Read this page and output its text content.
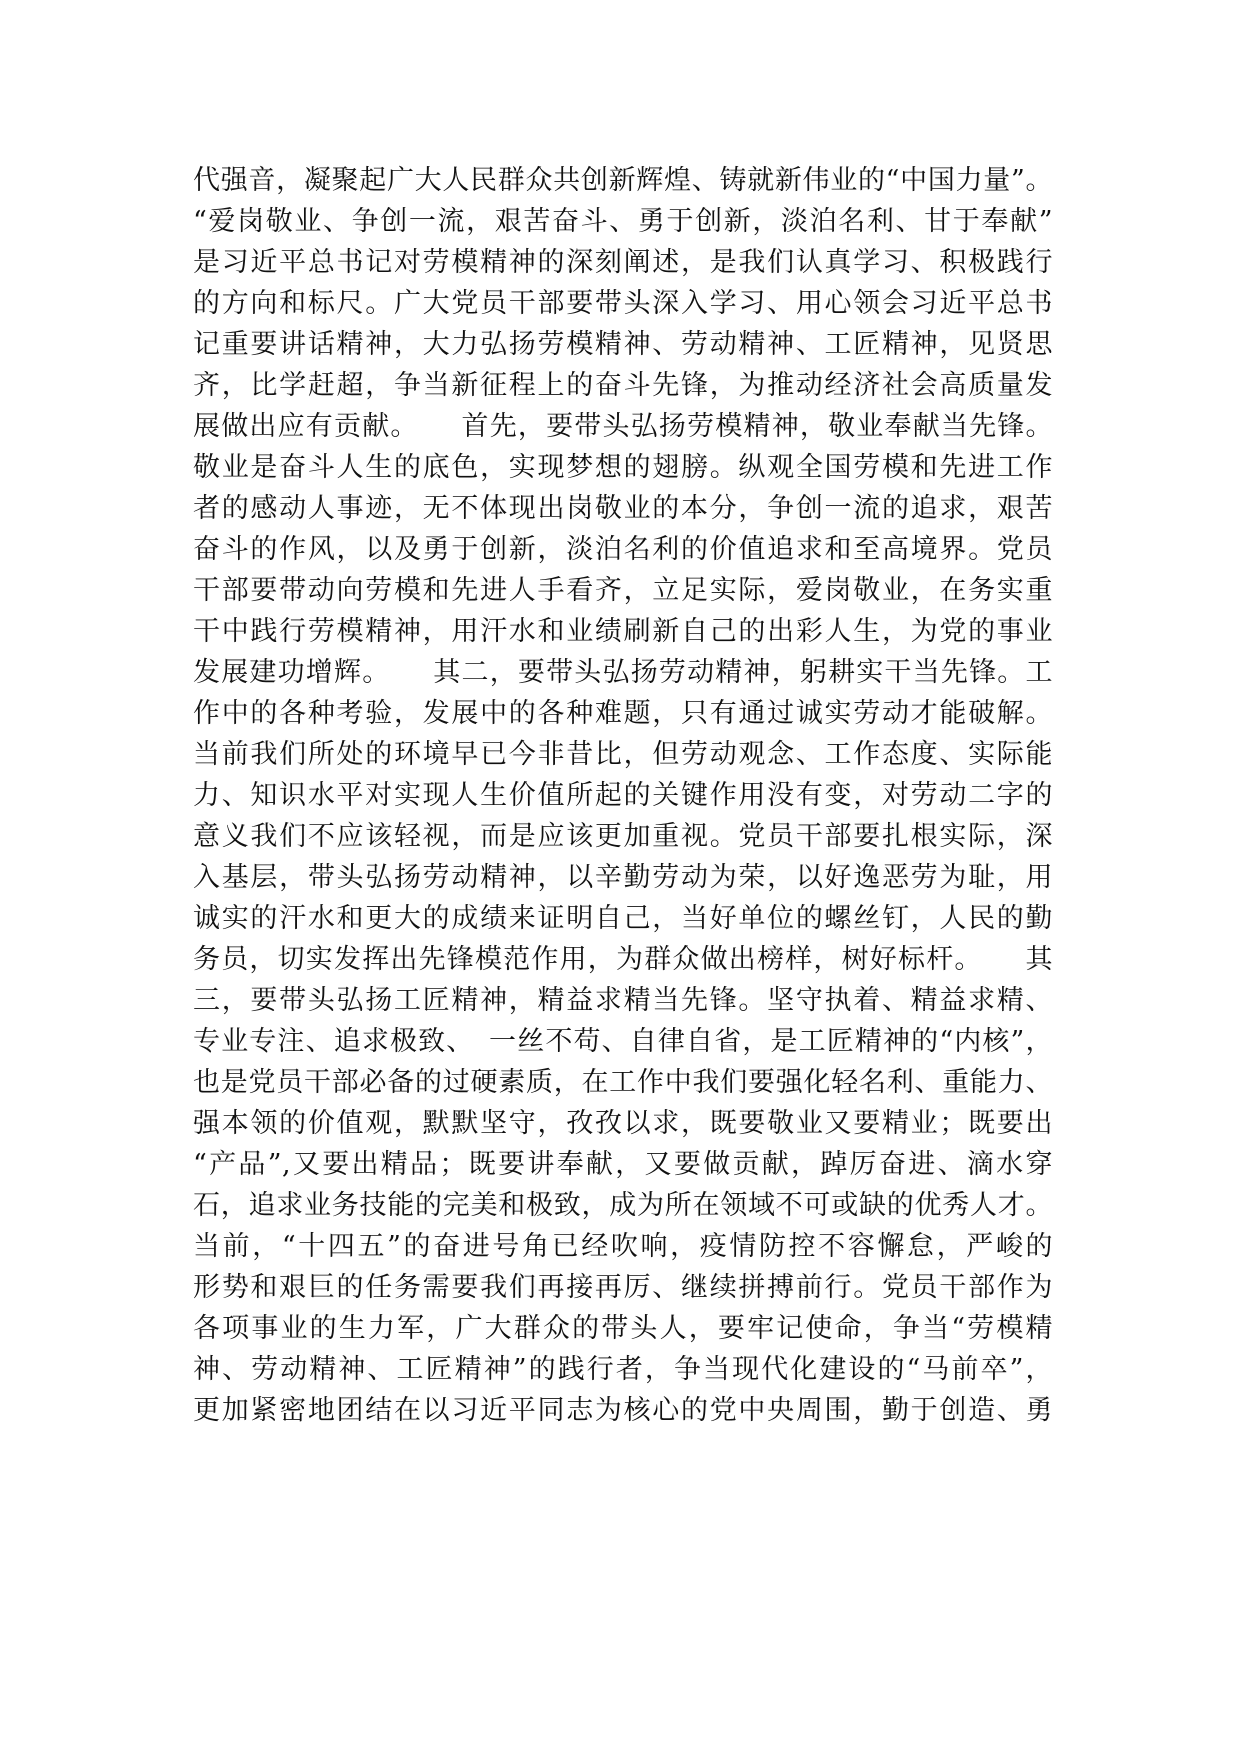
代强音，凝聚起广大人民群众共创新辉煌、铸就新伟业的“中国力量”。
“爱岗敬业、争创一流，艰苦奋斗、勇于创新，淡泊名利、甘于奉献”
是习近平总书记对劳模精神的深刻阐述，是我们认真学习、积极践行
的方向和标尺。广大党员干部要带头深入学习、用心领会习近平总书
记重要讲话精神，大力弘扬劳模精神、劳动精神、工匠精神，见贤思
齐，比学赶超，争当新征程上的奋斗先锋，为推动经济社会高质量发
展做出应有贡献。　　首先，要带头弘扬劳模精神，敬业奉献当先锋。
敬业是奋斗人生的底色，实现梦想的翅膀。纵观全国劳模和先进工作
者的感动人事迹，无不体现出岗敬业的本分，争创一流的追求，艰苦
奋斗的作风，以及勇于创新，淡泊名利的价值追求和至高境界。党员
干部要带动向劳模和先进人手看齐，立足实际，爱岗敬业，在务实重
干中践行劳模精神，用汗水和业绩刷新自己的出彩人生，为党的事业
发展建功增辉。　　其二，要带头弘扬劳动精神，躬耕实干当先锋。工
作中的各种考验，发展中的各种难题，只有通过诚实劳动才能破解。
当前我们所处的环境早已今非昔比，但劳动观念、工作态度、实际能
力、知识水平对实现人生价值所起的关键作用没有变，对劳动二字的
意义我们不应该轻视，而是应该更加重视。党员干部要扎根实际，深
入基层，带头弘扬劳动精神，以辛勤劳动为荣，以好逸恶劳为耻，用
诚实的汗水和更大的成绩来证明自己，当好单位的螺丝钉，人民的勤
务员，切实发挥出先锋模范作用，为群众做出榜样，树好标杆。　　其
三，要带头弘扬工匠精神，精益求精当先锋。坚守执着、精益求精、
专业专注、追求极致、　一丝不苟、自律自省，是工匠精神的“内核”，
也是党员干部必备的过硬素质，在工作中我们要强化轻名利、重能力、
强本领的价值观，默默坚守，孜孜以求，既要敬业又要精业；既要出
“产品”,又要出精品；既要讲奉献，又要做贡献，踔厉奋进、滴水穿
石，追求业务技能的完美和极致，成为所在领域不可或缺的优秀人才。
当前，“十四五”的奋进号角已经吹响，疫情防控不容懈怠，严峻的
形势和艰巨的任务需要我们再接再厉、继续拼搏前行。党员干部作为
各项事业的生力军，广大群众的带头人，要牢记使命，争当“劳模精
神、劳动精神、工匠精神”的践行者，争当现代化建设的“马前卒”，
更加紧密地团结在以习近平同志为核心的党中央周围，勤于创造、勇
